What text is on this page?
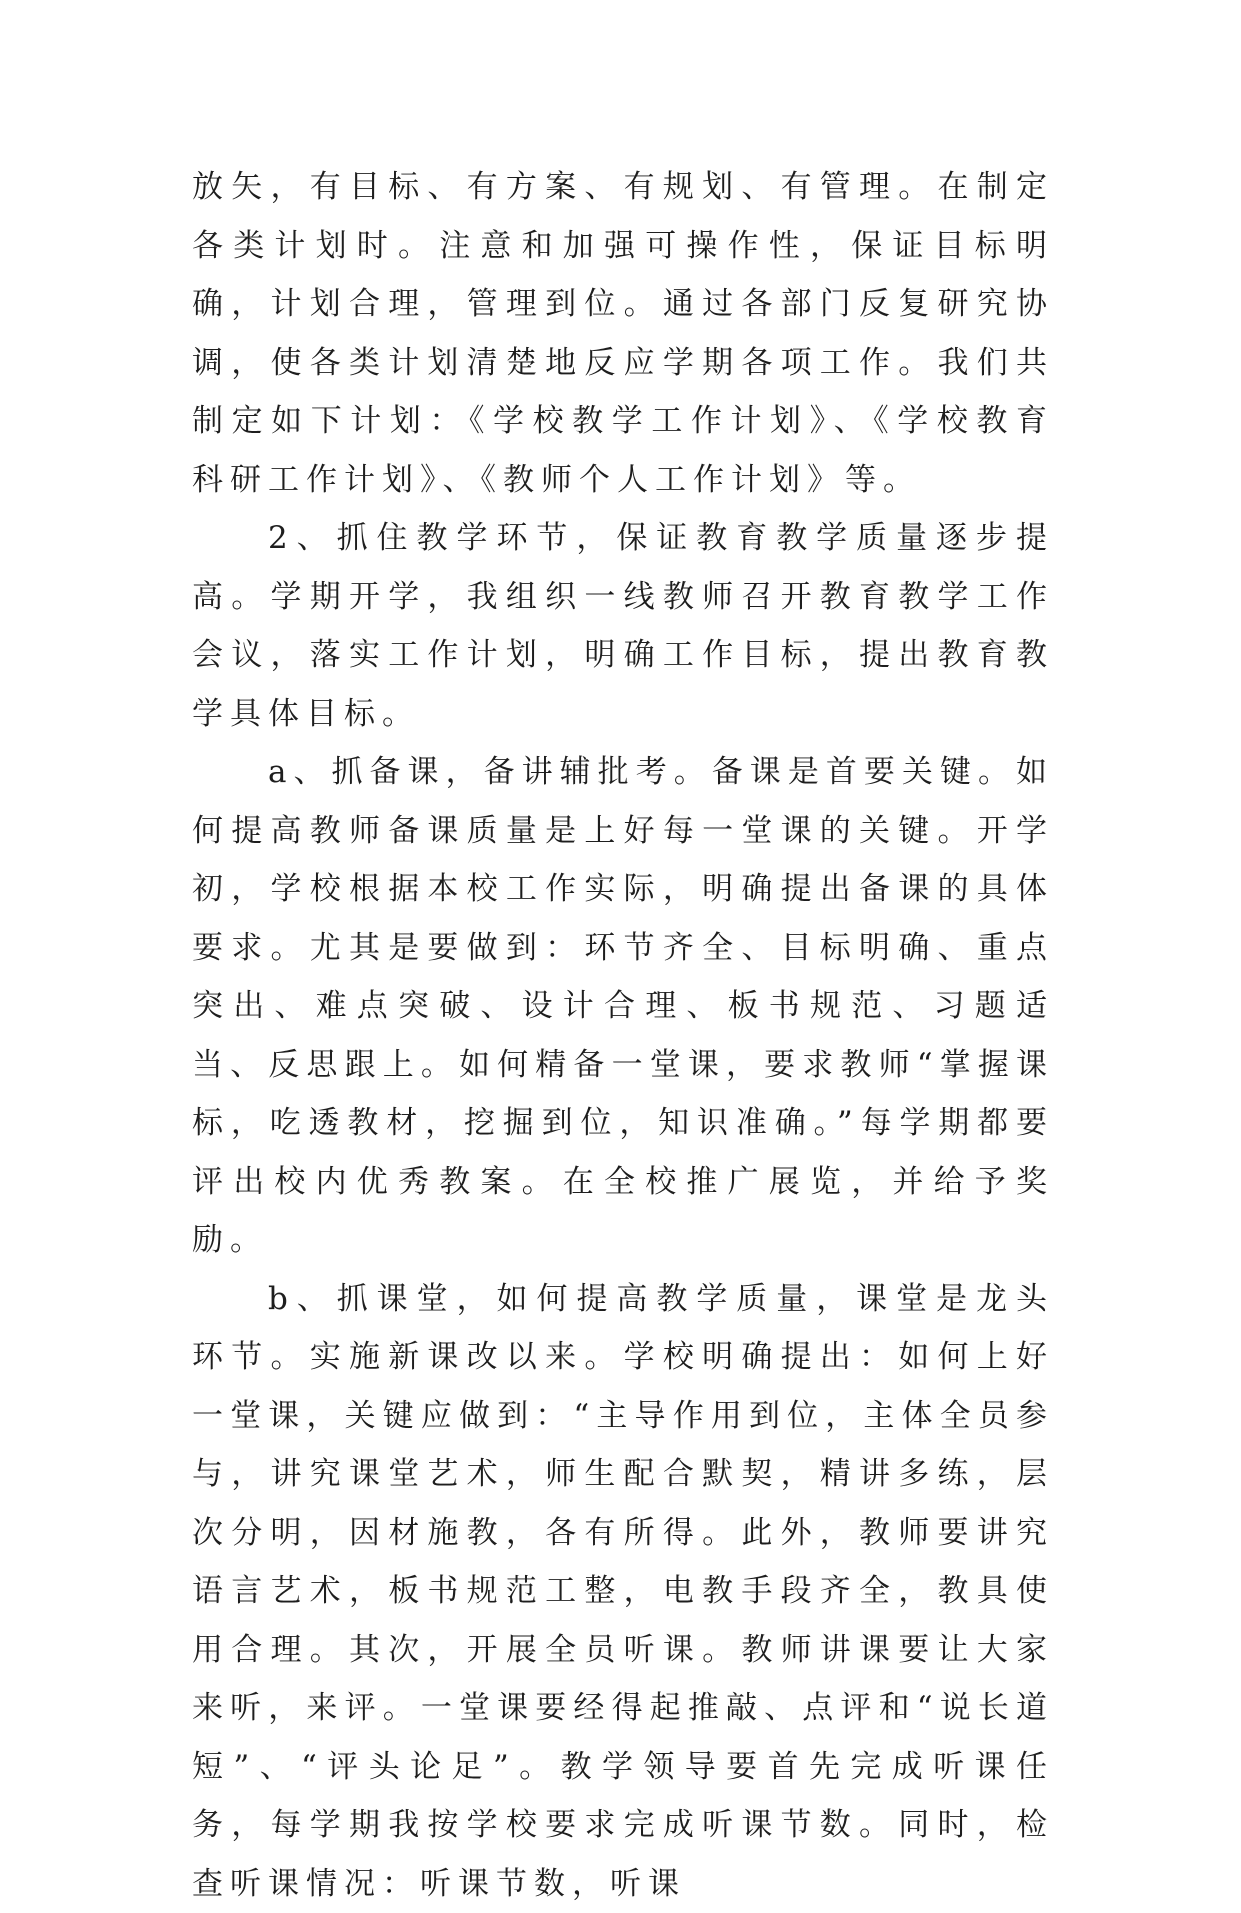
放矢，有目标、有方案、有规划、有管理。在制定各类计划时。注意和加强可操作性，保证目标明确，计划合理，管理到位。通过各部门反复研究协调，使各类计划清楚地反应学期各项工作。我们共制定如下计划：《学校教学工作计划》、《学校教育科研工作计划》、《教师个人工作计划》等。

2、抓住教学环节，保证教育教学质量逐步提高。学期开学，我组织一线教师召开教育教学工作会议，落实工作计划，明确工作目标，提出教育教学具体目标。

a、抓备课，备讲辅批考。备课是首要关键。如何提高教师备课质量是上好每一堂课的关键。开学初，学校根据本校工作实际，明确提出备课的具体要求。尤其是要做到：环节齐全、目标明确、重点突出、难点突破、设计合理、板书规范、习题适当、反思跟上。如何精备一堂课，要求教师“掌握课标，吃透教材，挖掘到位，知识准确。”每学期都要评出校内优秀教案。在全校推广展览，并给予奖励。

b、抓课堂，如何提高教学质量，课堂是龙头环节。实施新课改以来。学校明确提出：如何上好一堂课，关键应做到：“主导作用到位，主体全员参与，讲究课堂艺术，师生配合默契，精讲多练，层次分明，因材施教，各有所得。此外，教师要讲究语言艺术，板书规范工整，电教手段齐全，教具使用合理。其次，开展全员听课。教师讲课要让大家来听，来评。一堂课要经得起推敲、点评和“说长道短”、“评头论足”。教学领导要首先完成听课任务，每学期我按学校要求完成听课节数。同时，检查听课情况：听课节数，听课
